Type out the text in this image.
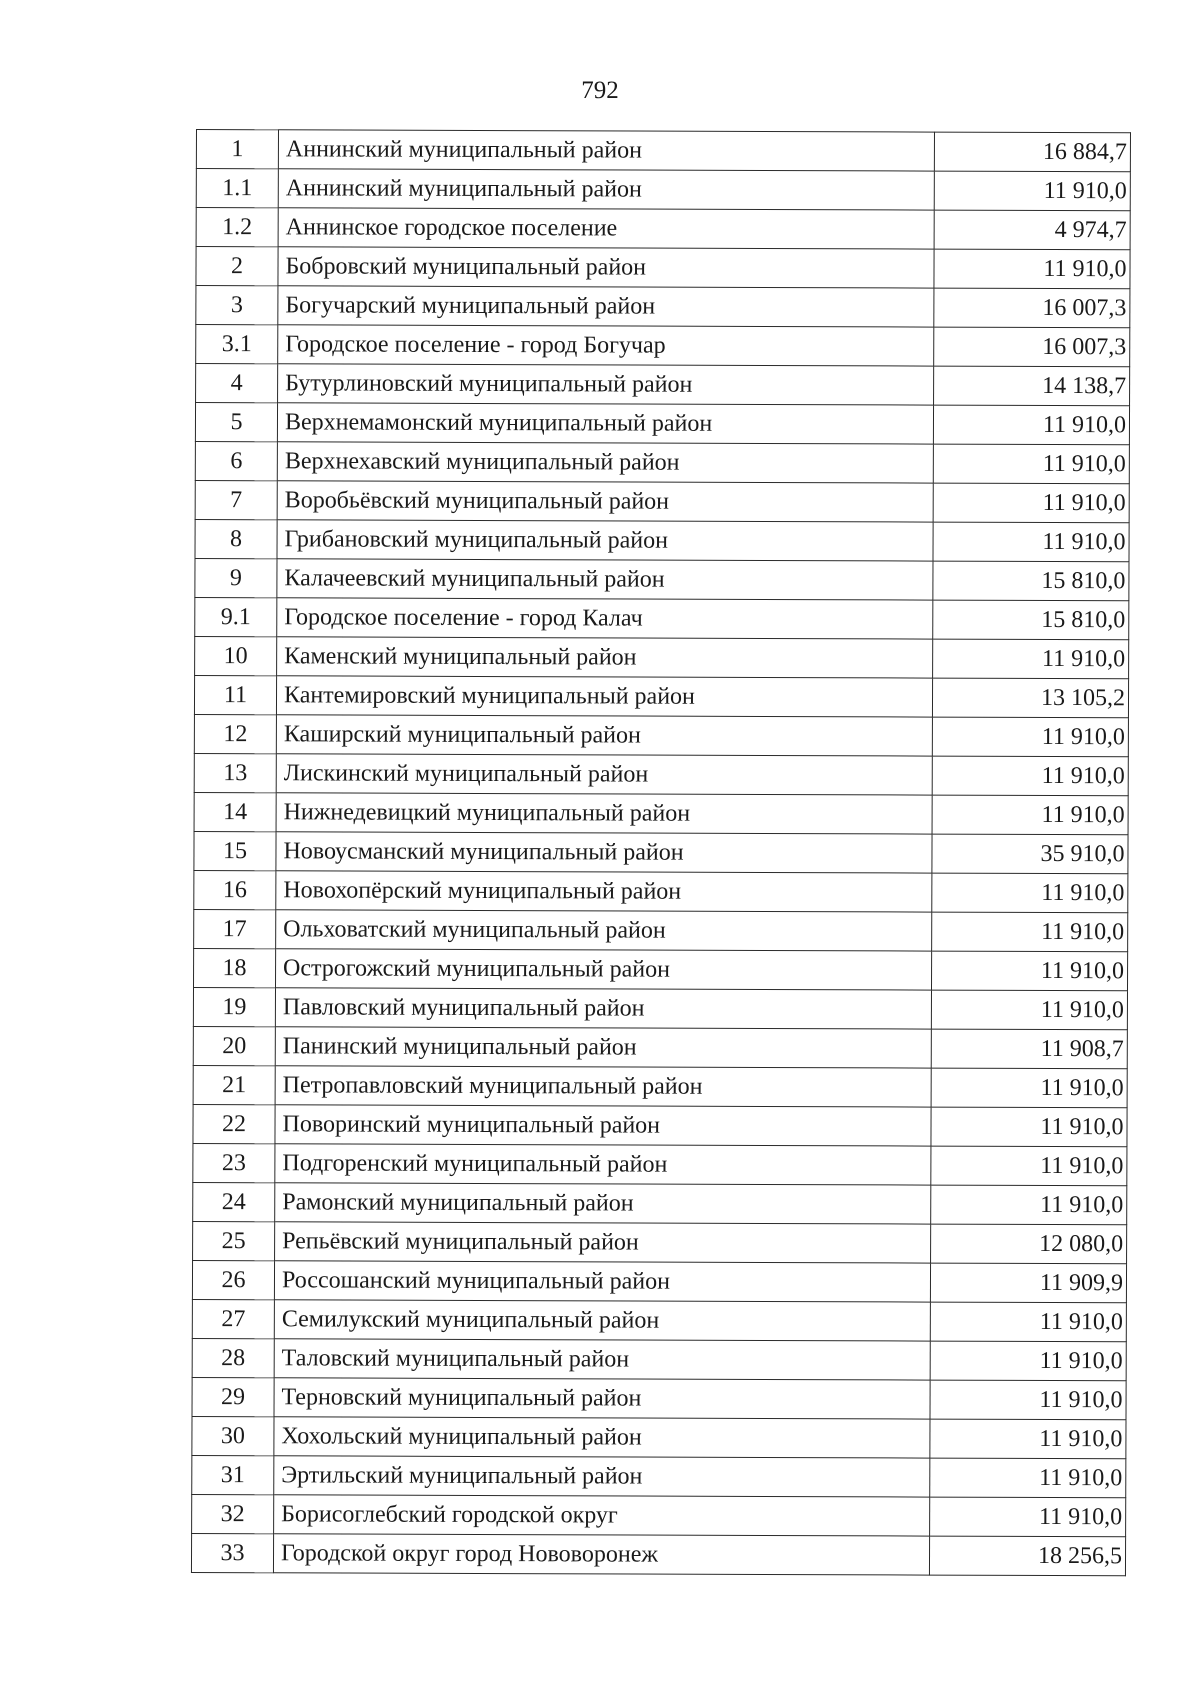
792
1	Аннинский муниципальный район	16 884,7
1.1	Аннинский муниципальный район	11 910,0
1.2	Аннинское городское поселение	4 974,7
2	Бобровский муниципальный район	11 910,0
3	Богучарский муниципальный район	16 007,3
3.1	Городское поселение - город Богучар	16 007,3
4	Бутурлиновский муниципальный район	14 138,7
5	Верхнемамонский муниципальный район	11 910,0
6	Верхнехавский муниципальный район	11 910,0
7	Воробьёвский муниципальный район	11 910,0
8	Грибановский муниципальный район	11 910,0
9	Калачеевский муниципальный район	15 810,0
9.1	Городское поселение - город Калач	15 810,0
10	Каменский муниципальный район	11 910,0
11	Кантемировский муниципальный район	13 105,2
12	Каширский муниципальный район	11 910,0
13	Лискинский муниципальный район	11 910,0
14	Нижнедевицкий муниципальный район	11 910,0
15	Новоусманский муниципальный район	35 910,0
16	Новохопёрский муниципальный район	11 910,0
17	Ольховатский муниципальный район	11 910,0
18	Острогожский муниципальный район	11 910,0
19	Павловский муниципальный район	11 910,0
20	Панинский муниципальный район	11 908,7
21	Петропавловский муниципальный район	11 910,0
22	Поворинский муниципальный район	11 910,0
23	Подгоренский муниципальный район	11 910,0
24	Рамонский муниципальный район	11 910,0
25	Репьёвский муниципальный район	12 080,0
26	Россошанский муниципальный район	11 909,9
27	Семилукский муниципальный район	11 910,0
28	Таловский муниципальный район	11 910,0
29	Терновский муниципальный район	11 910,0
30	Хохольский муниципальный район	11 910,0
31	Эртильский муниципальный район	11 910,0
32	Борисоглебский городской округ	11 910,0
33	Городской округ город Нововоронеж	18 256,5
